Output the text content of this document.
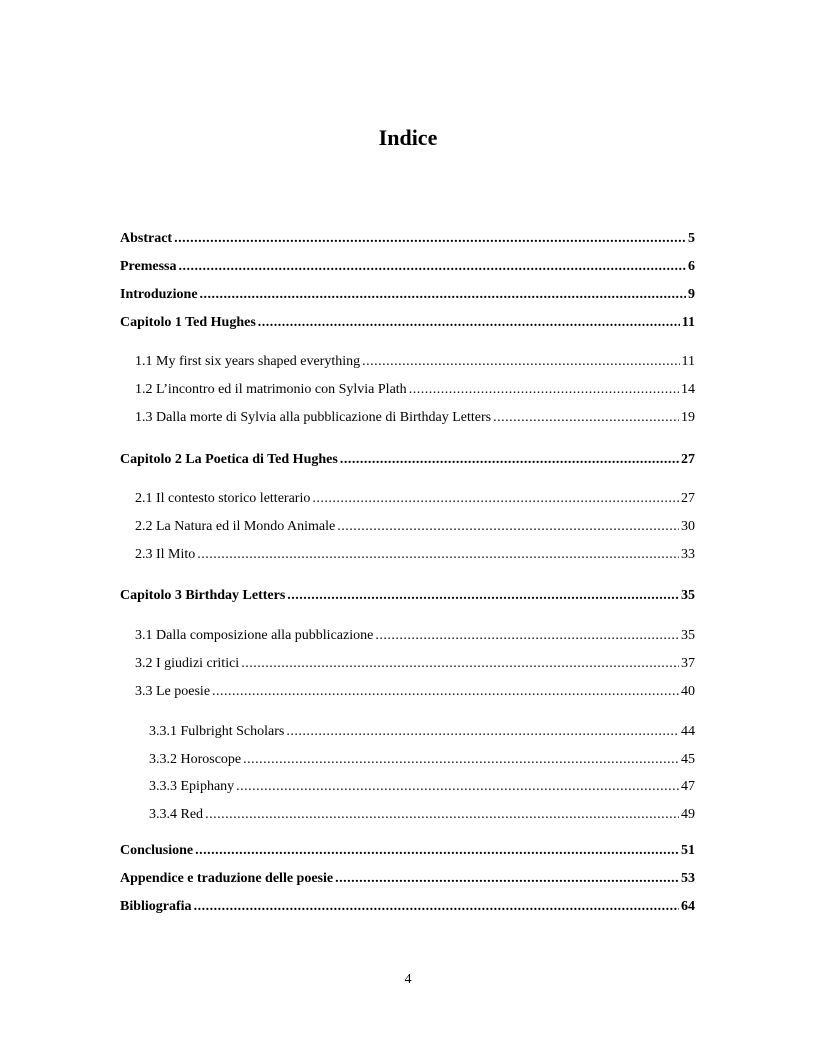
Indice
Abstract .....	5
Premessa .....	6
Introduzione .....	9
Capitolo 1 Ted Hughes .....	11
1.1 My first six years shaped everything .....	11
1.2 L’incontro ed il matrimonio con Sylvia Plath .....	14
1.3 Dalla morte di Sylvia alla pubblicazione di Birthday Letters .....	19
Capitolo 2 La Poetica di Ted Hughes .....	27
2.1 Il contesto storico letterario .....	27
2.2 La Natura ed il Mondo Animale .....	30
2.3 Il Mito .....	33
Capitolo 3 Birthday Letters .....	35
3.1 Dalla composizione alla pubblicazione .....	35
3.2 I giudizi critici .....	37
3.3 Le poesie .....	40
3.3.1 Fulbright Scholars .....	44
3.3.2 Horoscope .....	45
3.3.3 Epiphany .....	47
3.3.4 Red .....	49
Conclusione .....	51
Appendice e traduzione delle poesie .....	53
Bibliografia .....	64
4
